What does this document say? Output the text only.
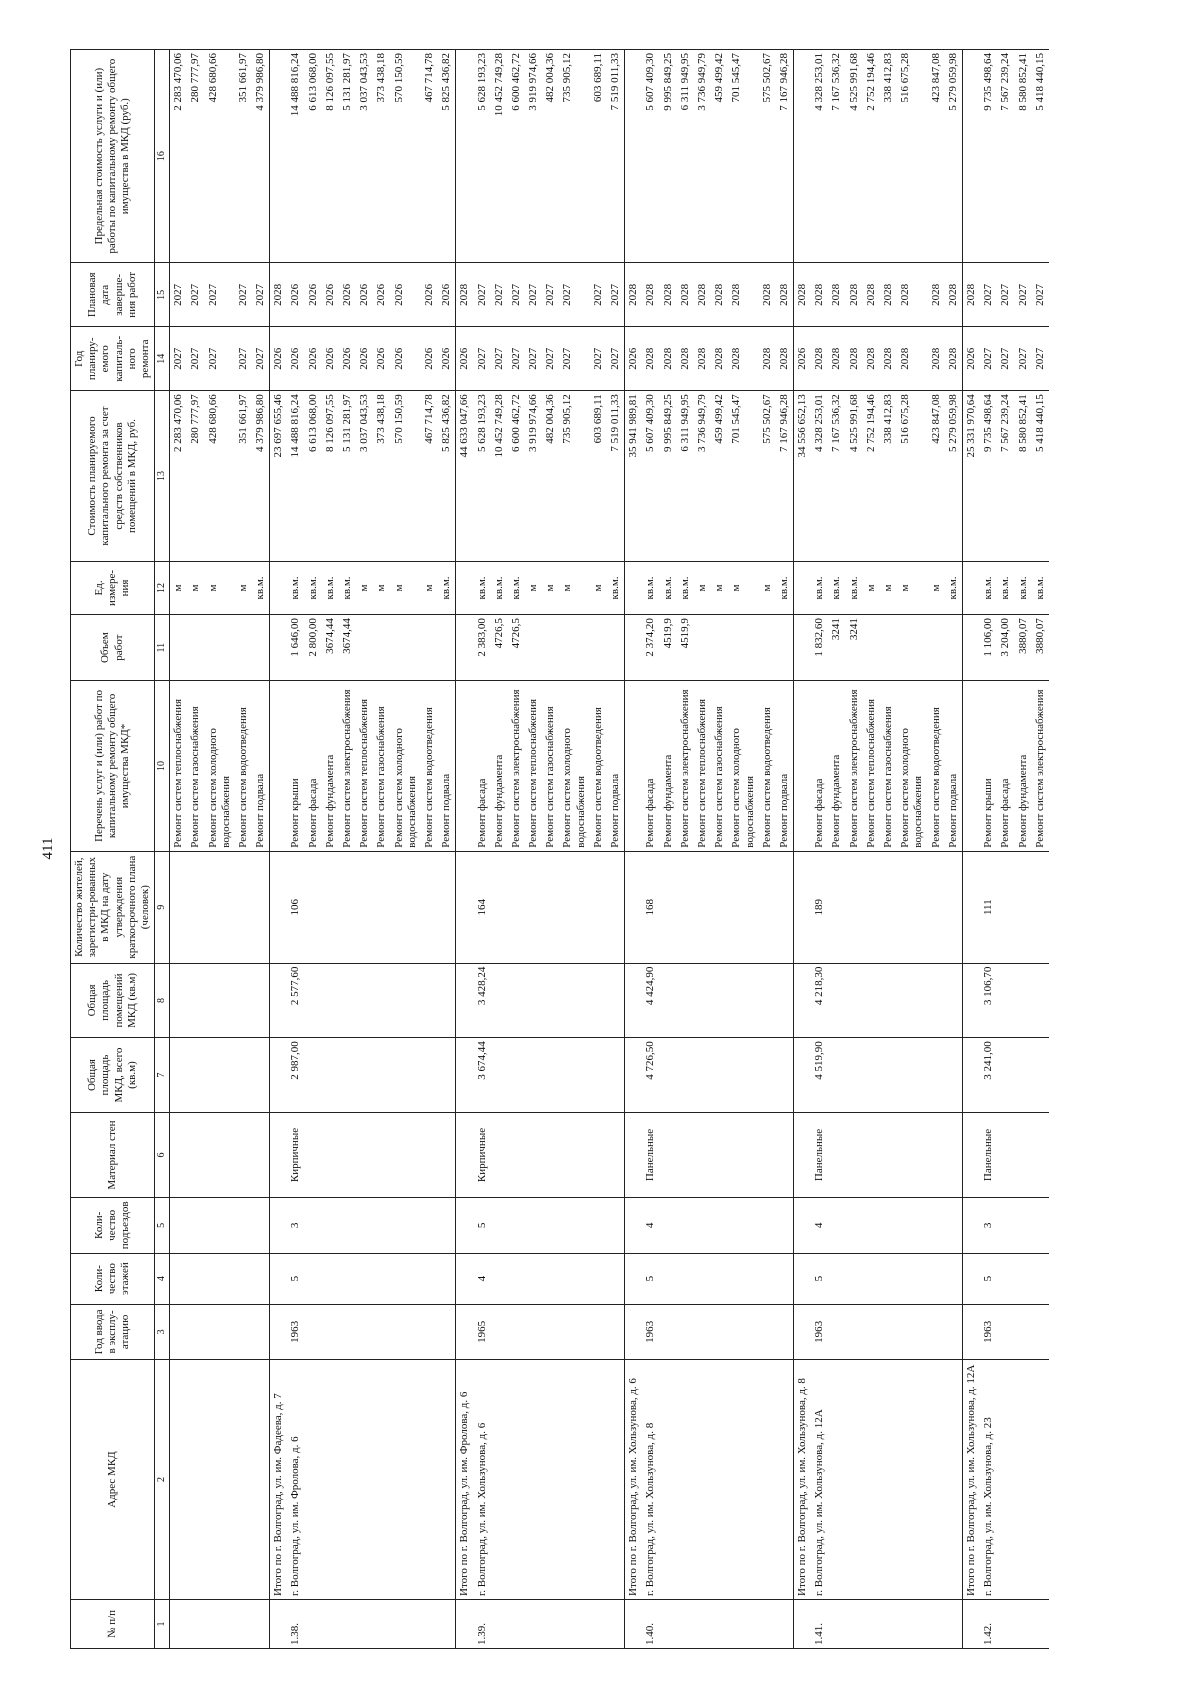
411
№ п/п	Адрес МКД	Год ввода в эксплу-атацию	Коли-чество этажей	Коли-чество подъездов	Материал стен	Общая площадь МКД, всего (кв.м)	Общая площадь помещений МКД (кв.м)	Количество жителей, зарегистри-рованных в МКД на дату утверждения краткосрочного плана (человек)	Перечень услуг и (или) работ по капитальному ремонту общего имущества МКД*	Объем работ	Ед. измере-ния	Стоимость планируемого капитального ремонта за счет средств собственников помещений в МКД, руб.	Год планиру-емого капиталь-ного ремонта	Плановая дата заверше-ния работ	Предельная стоимость услуги и (или) работы по капитальному ремонту общего имущества в МКД (руб.)
1	2	3	4	5	6	7	8	9	10	11	12	13	14	15	16
									Ремонт систем теплоснабжения		м	2 283 470,06	2027	2027	2 283 470,06
									Ремонт систем газоснабжения		м	280 777,97	2027	2027	280 777,97
									Ремонт систем холодного водоснабжения		м	428 680,66	2027	2027	428 680,66
									Ремонт систем водоотведения		м	351 661,97	2027	2027	351 661,97
									Ремонт подвала		кв.м.	4 379 986,80	2027	2027	4 379 986,80
	Итого по г. Волгоград, ул. им. Фадеева, д. 7											23 697 655,46	2026	2028	
1.38.	г. Волгоград, ул. им. Фролова, д. 6	1963	5	3	Кирпичные	2 987,00	2 577,60	106	Ремонт крыши	1 646,00	кв.м.	14 488 816,24	2026	2026	14 488 816,24
									Ремонт фасада	2 800,00	кв.м.	6 613 068,00	2026	2026	6 613 068,00
									Ремонт фундамента	3674,44	кв.м.	8 126 097,55	2026	2026	8 126 097,55
									Ремонт систем электроснабжения	3674,44	кв.м.	5 131 281,97	2026	2026	5 131 281,97
									Ремонт систем теплоснабжения		м	3 037 043,53	2026	2026	3 037 043,53
									Ремонт систем газоснабжения		м	373 438,18	2026	2026	373 438,18
									Ремонт систем холодного водоснабжения		м	570 150,59	2026	2026	570 150,59
									Ремонт систем водоотведения		м	467 714,78	2026	2026	467 714,78
									Ремонт подвала		кв.м.	5 825 436,82	2026	2026	5 825 436,82
	Итого по г. Волгоград, ул. им. Фролова, д. 6											44 633 047,66	2026	2028	
1.39.	г. Волгоград, ул. им. Хользунова, д. 6	1965	4	5	Кирпичные	3 674,44	3 428,24	164	Ремонт фасада	2 383,00	кв.м.	5 628 193,23	2027	2027	5 628 193,23
									Ремонт фундамента	4726,5	кв.м.	10 452 749,28	2027	2027	10 452 749,28
									Ремонт систем электроснабжения	4726,5	кв.м.	6 600 462,72	2027	2027	6 600 462,72
									Ремонт систем теплоснабжения		м	3 919 974,66	2027	2027	3 919 974,66
									Ремонт систем газоснабжения		м	482 004,36	2027	2027	482 004,36
									Ремонт систем холодного водоснабжения		м	735 905,12	2027	2027	735 905,12
									Ремонт систем водоотведения		м	603 689,11	2027	2027	603 689,11
									Ремонт подвала		кв.м.	7 519 011,33	2027	2027	7 519 011,33
	Итого по г. Волгоград, ул. им. Хользунова, д. 6											35 941 989,81	2026	2028	
1.40.	г. Волгоград, ул. им. Хользунова, д. 8	1963	5	4	Панельные	4 726,50	4 424,90	168	Ремонт фасада	2 374,20	кв.м.	5 607 409,30	2028	2028	5 607 409,30
									Ремонт фундамента	4519,9	кв.м.	9 995 849,25	2028	2028	9 995 849,25
									Ремонт систем электроснабжения	4519,9	кв.м.	6 311 949,95	2028	2028	6 311 949,95
									Ремонт систем теплоснабжения		м	3 736 949,79	2028	2028	3 736 949,79
									Ремонт систем газоснабжения		м	459 499,42	2028	2028	459 499,42
									Ремонт систем холодного водоснабжения		м	701 545,47	2028	2028	701 545,47
									Ремонт систем водоотведения		м	575 502,67	2028	2028	575 502,67
									Ремонт подвала		кв.м.	7 167 946,28	2028	2028	7 167 946,28
	Итого по г. Волгоград, ул. им. Хользунова, д. 8											34 556 652,13	2026	2028	
1.41.	г. Волгоград, ул. им. Хользунова, д. 12А	1963	5	4	Панельные	4 519,90	4 218,30	189	Ремонт фасада	1 832,60	кв.м.	4 328 253,01	2028	2028	4 328 253,01
									Ремонт фундамента	3241	кв.м.	7 167 536,32	2028	2028	7 167 536,32
									Ремонт систем электроснабжения	3241	кв.м.	4 525 991,68	2028	2028	4 525 991,68
									Ремонт систем теплоснабжения		м	2 752 194,46	2028	2028	2 752 194,46
									Ремонт систем газоснабжения		м	338 412,83	2028	2028	338 412,83
									Ремонт систем холодного водоснабжения		м	516 675,28	2028	2028	516 675,28
									Ремонт систем водоотведения		м	423 847,08	2028	2028	423 847,08
									Ремонт подвала		кв.м.	5 279 059,98	2028	2028	5 279 059,98
	Итого по г. Волгоград, ул. им. Хользунова, д. 12А											25 331 970,64	2026	2028	
1.42.	г. Волгоград, ул. им. Хользунова, д. 23	1963	5	3	Панельные	3 241,00	3 106,70	111	Ремонт крыши	1 106,00	кв.м.	9 735 498,64	2027	2027	9 735 498,64
									Ремонт фасада	3 204,00	кв.м.	7 567 239,24	2027	2027	7 567 239,24
									Ремонт фундамента	3880,07	кв.м.	8 580 852,41	2027	2027	8 580 852,41
									Ремонт систем электроснабжения	3880,07	кв.м.	5 418 440,15	2027	2027	5 418 440,15
